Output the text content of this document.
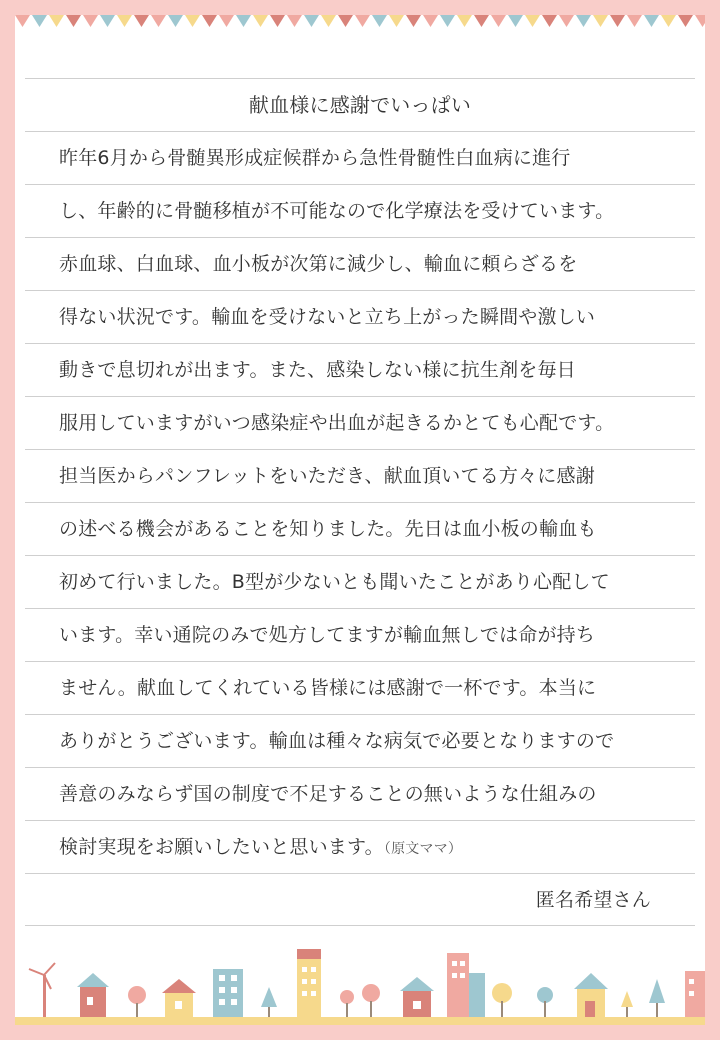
献血様に感謝でいっぱい
昨年6月から骨髄異形成症候群から急性骨髄性白血病に進行
し、年齢的に骨髄移植が不可能なので化学療法を受けています。
赤血球、白血球、血小板が次第に減少し、輸血に頼らざるを
得ない状況です。輸血を受けないと立ち上がった瞬間や激しい
動きで息切れが出ます。また、感染しない様に抗生剤を毎日
服用していますがいつ感染症や出血が起きるかとても心配です。
担当医からパンフレットをいただき、献血頂いてる方々に感謝
の述べる機会があることを知りました。先日は血小板の輸血も
初めて行いました。B型が少ないとも聞いたことがあり心配して
います。幸い通院のみで処方してますが輸血無しでは命が持ち
ません。献血してくれている皆様には感謝で一杯です。本当に
ありがとうございます。輸血は種々な病気で必要となりますので
善意のみならず国の制度で不足することの無いような仕組みの
検討実現をお願いしたいと思います。（原文ママ）
匿名希望さん
